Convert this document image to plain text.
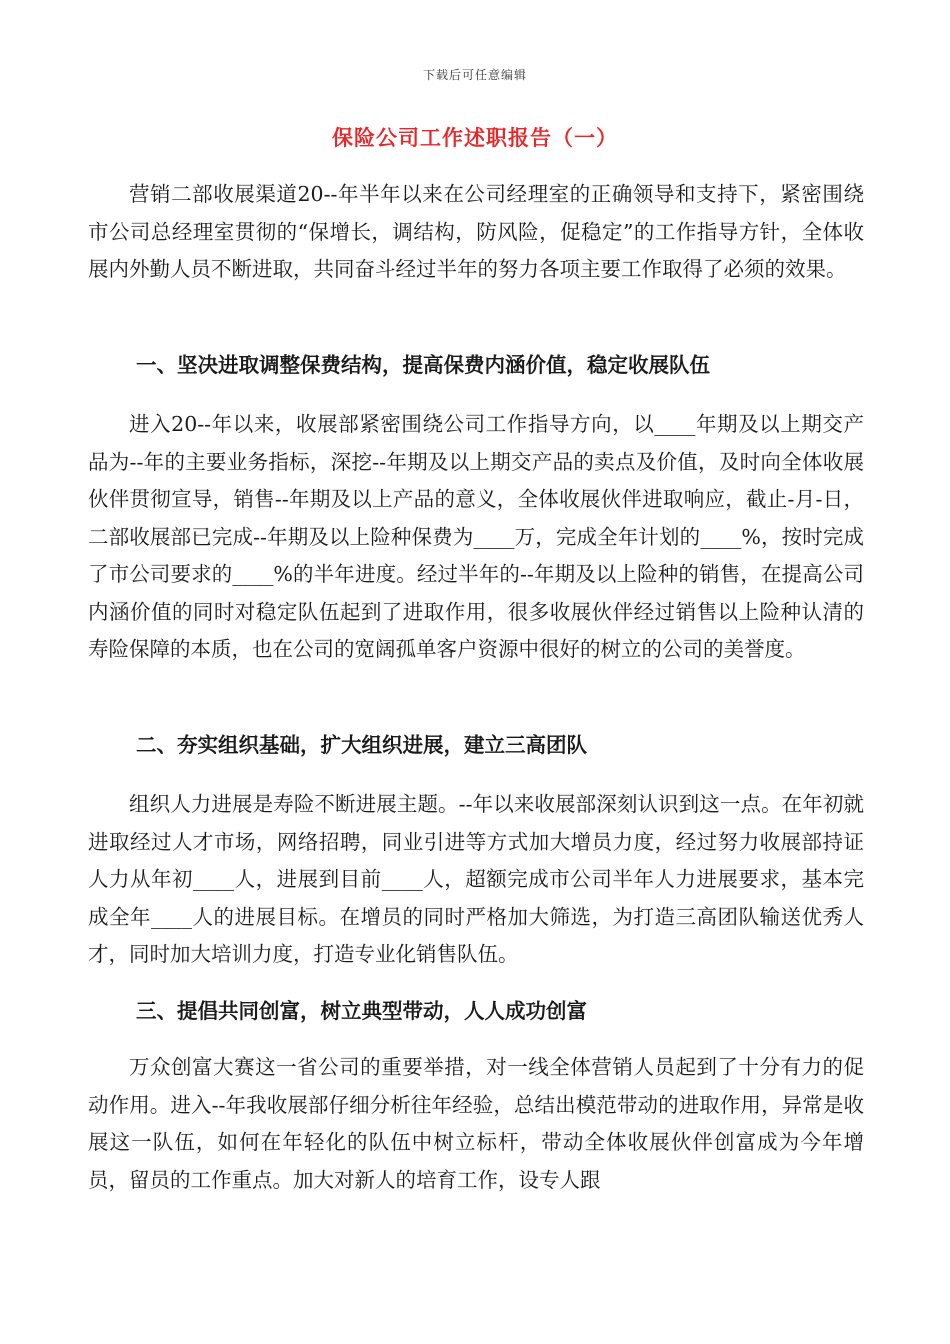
下载后可任意编辑
保险公司工作述职报告（一）

营销二部收展渠道20--年半年以来在公司经理室的正确领导和支持下，紧密围绕市公司总经理室贯彻的“保增长，调结构，防风险，促稳定”的工作指导方针，全体收展内外勤人员不断进取，共同奋斗经过半年的努力各项主要工作取得了必须的效果。

一、坚决进取调整保费结构，提高保费内涵价值，稳定收展队伍

进入20--年以来，收展部紧密围绕公司工作指导方向，以____年期及以上期交产品为--年的主要业务指标，深挖--年期及以上期交产品的卖点及价值，及时向全体收展伙伴贯彻宣导，销售--年期及以上产品的意义，全体收展伙伴进取响应，截止-月-日，二部收展部已完成--年期及以上险种保费为____万，完成全年计划的____%，按时完成了市公司要求的____%的半年进度。经过半年的--年期及以上险种的销售，在提高公司内涵价值的同时对稳定队伍起到了进取作用，很多收展伙伴经过销售以上险种认清的寿险保障的本质，也在公司的宽阔孤单客户资源中很好的树立的公司的美誉度。

二、夯实组织基础，扩大组织进展，建立三高团队

组织人力进展是寿险不断进展主题。--年以来收展部深刻认识到这一点。在年初就进取经过人才市场，网络招聘，同业引进等方式加大增员力度，经过努力收展部持证人力从年初____人，进展到目前____人，超额完成市公司半年人力进展要求，基本完成全年____人的进展目标。在增员的同时严格加大筛选，为打造三高团队输送优秀人才，同时加大培训力度，打造专业化销售队伍。

三、提倡共同创富，树立典型带动，人人成功创富

万众创富大赛这一省公司的重要举措，对一线全体营销人员起到了十分有力的促动作用。进入--年我收展部仔细分析往年经验，总结出模范带动的进取作用，异常是收展这一队伍，如何在年轻化的队伍中树立标杆，带动全体收展伙伴创富成为今年增员，留员的工作重点。加大对新人的培育工作，设专人跟
